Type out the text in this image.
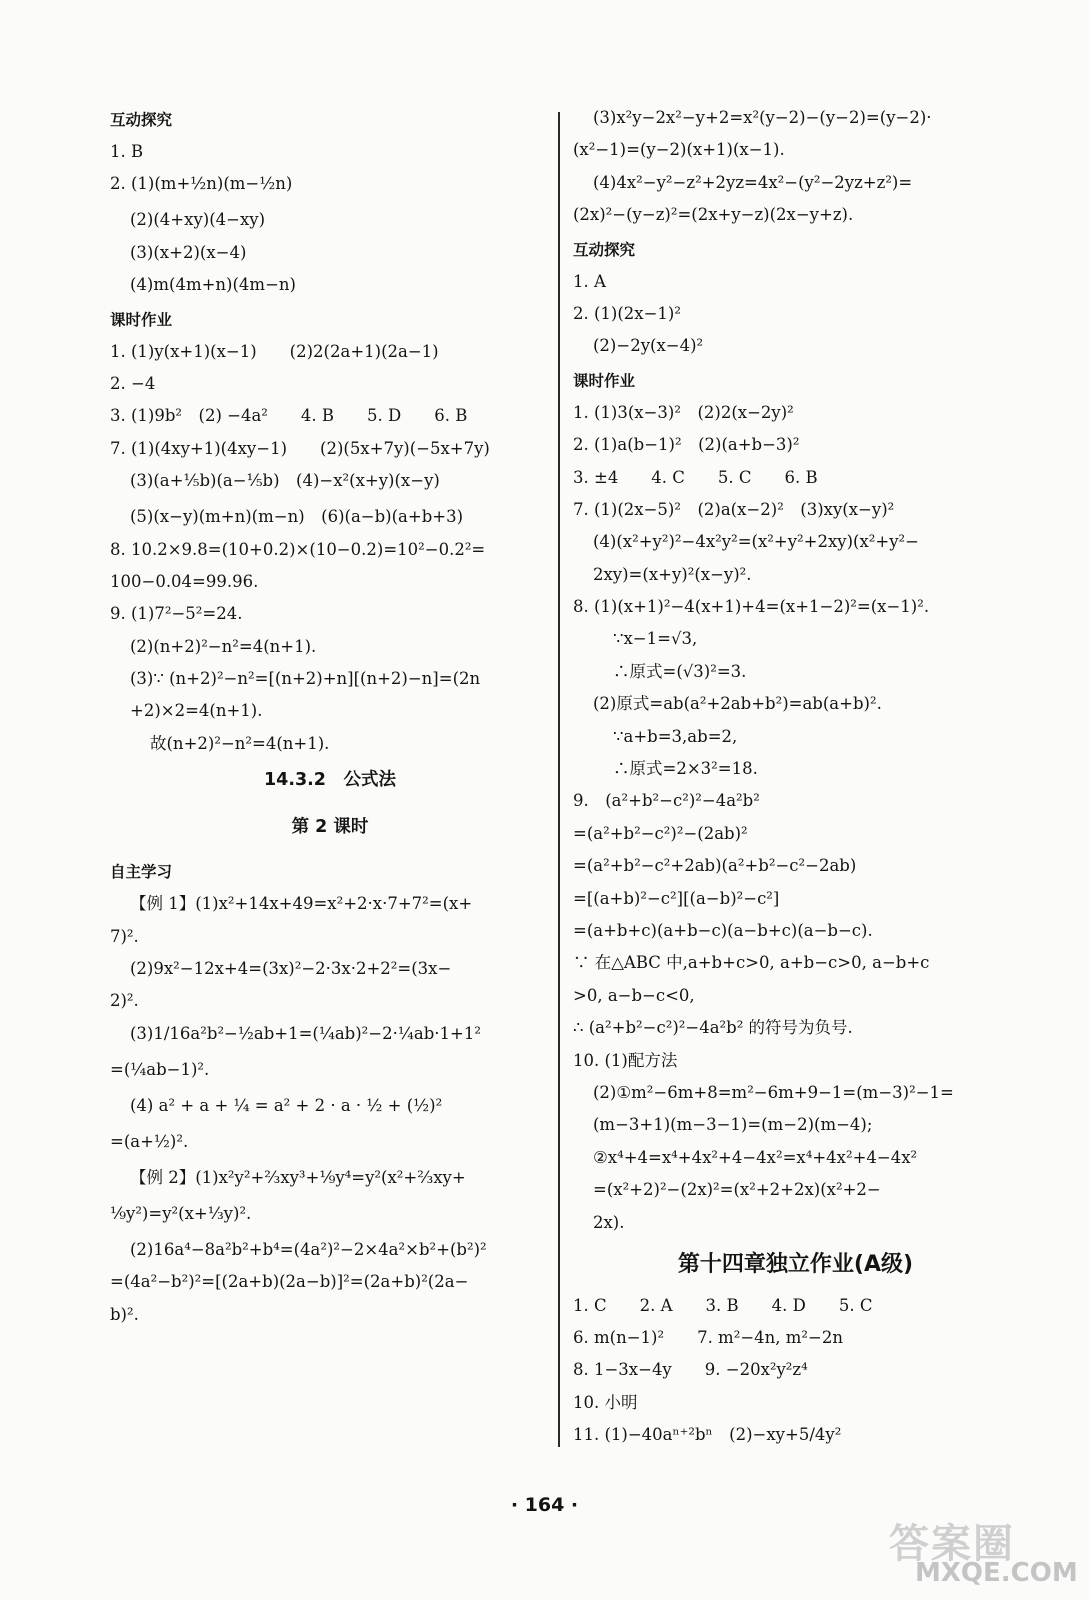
互动探究
1. B
2. (1)(m+½n)(m−½n)
(2)(4+xy)(4−xy)
(3)(x+2)(x−4)
(4)m(4m+n)(4m−n)
课时作业
1. (1)y(x+1)(x−1)　　(2)2(2a+1)(2a−1)
2. −4
3. (1)9b²　(2) −4a²　　4. B　　5. D　　6. B
7. (1)(4xy+1)(4xy−1)　　(2)(5x+7y)(−5x+7y)
(3)(a+⅕b)(a−⅕b)　(4)−x²(x+y)(x−y)
(5)(x−y)(m+n)(m−n)　(6)(a−b)(a+b+3)
8. 10.2×9.8=(10+0.2)×(10−0.2)=10²−0.2²=
100−0.04=99.96.
9. (1)7²−5²=24.
(2)(n+2)²−n²=4(n+1).
(3)∵ (n+2)²−n²=[(n+2)+n][(n+2)−n]=(2n
+2)×2=4(n+1).
故(n+2)²−n²=4(n+1).
14.3.2　公式法
第 2 课时
自主学习
【例 1】(1)x²+14x+49=x²+2·x·7+7²=(x+
7)².
(2)9x²−12x+4=(3x)²−2·3x·2+2²=(3x−
2)².
(3)1/16a²b²−½ab+1=(¼ab)²−2·¼ab·1+1²
=(¼ab−1)².
(4) a² + a + ¼ = a² + 2 · a · ½ + (½)²
=(a+½)².
【例 2】(1)x²y²+⅔xy³+⅑y⁴=y²(x²+⅔xy+
⅑y²)=y²(x+⅓y)².
(2)16a⁴−8a²b²+b⁴=(4a²)²−2×4a²×b²+(b²)²
=(4a²−b²)²=[(2a+b)(2a−b)]²=(2a+b)²(2a−
b)².
(3)x²y−2x²−y+2=x²(y−2)−(y−2)=(y−2)·
(x²−1)=(y−2)(x+1)(x−1).
(4)4x²−y²−z²+2yz=4x²−(y²−2yz+z²)=
(2x)²−(y−z)²=(2x+y−z)(2x−y+z).
互动探究
1. A
2. (1)(2x−1)²
(2)−2y(x−4)²
课时作业
1. (1)3(x−3)²　(2)2(x−2y)²
2. (1)a(b−1)²　(2)(a+b−3)²
3. ±4　　4. C　　5. C　　6. B
7. (1)(2x−5)²　(2)a(x−2)²　(3)xy(x−y)²
(4)(x²+y²)²−4x²y²=(x²+y²+2xy)(x²+y²−
2xy)=(x+y)²(x−y)².
8. (1)(x+1)²−4(x+1)+4=(x+1−2)²=(x−1)².
∵x−1=√3,
∴原式=(√3)²=3.
(2)原式=ab(a²+2ab+b²)=ab(a+b)².
∵a+b=3,ab=2,
∴原式=2×3²=18.
9.　(a²+b²−c²)²−4a²b²
=(a²+b²−c²)²−(2ab)²
=(a²+b²−c²+2ab)(a²+b²−c²−2ab)
=[(a+b)²−c²][(a−b)²−c²]
=(a+b+c)(a+b−c)(a−b+c)(a−b−c).
∵ 在△ABC 中,a+b+c>0, a+b−c>0, a−b+c
>0, a−b−c<0,
∴ (a²+b²−c²)²−4a²b² 的符号为负号.
10. (1)配方法
(2)①m²−6m+8=m²−6m+9−1=(m−3)²−1=
(m−3+1)(m−3−1)=(m−2)(m−4);
②x⁴+4=x⁴+4x²+4−4x²=x⁴+4x²+4−4x²
=(x²+2)²−(2x)²=(x²+2+2x)(x²+2−
2x).
第十四章独立作业(A级)
1. C　　2. A　　3. B　　4. D　　5. C
6. m(n−1)²　　7. m²−4n, m²−2n
8. 1−3x−4y　　9. −20x²y²z⁴
10. 小明
11. (1)−40aⁿ⁺²bⁿ　(2)−xy+5/4y²
· 164 ·
答案圈
MXQE.COM
